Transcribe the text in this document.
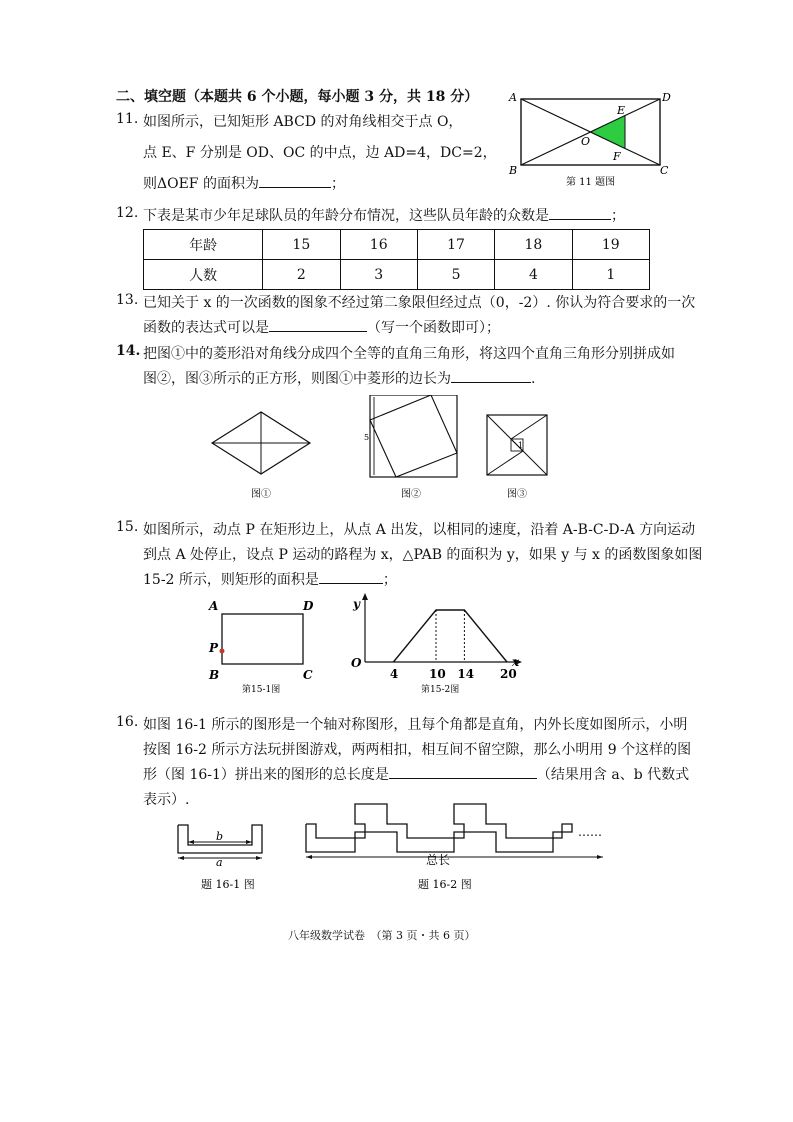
二、填空题（本题共 6 个小题，每小题 3 分，共 18 分）
11. 如图所示，已知矩形 ABCD 的对角线相交于点 O，
点 E、F 分别是 OD、OC 的中点，边 AD=4，DC=2，
则ΔOEF 的面积为	；
A	D
B	C
E
F
O
第 11 题图
12. 下表是某市少年足球队员的年龄分布情况，这些队员年龄的众数是	；
年龄	15	16	17	18	19
人数	2	3	5	4	1
13. 已知关于 x 的一次函数的图象不经过第二象限但经过点（0，-2）. 你认为符合要求的一次
函数的表达式可以是	（写一个函数即可）；
14. 把图①中的菱形沿对角线分成四个全等的直角三角形，将这四个直角三角形分别拼成如
图②，图③所示的正方形，则图①中菱形的边长为	.
图①
5
图②
1
图③
15. 如图所示，动点 P 在矩形边上，从点 A 出发，以相同的速度，沿着 A-B-C-D-A 方向运动
到点 A 处停止，设点 P 运动的路程为 x，△PAB 的面积为 y，如果 y 与 x 的函数图象如图
15-2 所示，则矩形的面积是	；
A	D
B	C
P
第15-1图
4	10 14 20
y
x
O
第15-2图
16. 如图 16-1 所示的图形是一个轴对称图形，且每个角都是直角，内外长度如图所示，小明
按图 16-2 所示方法玩拼图游戏，两两相扣，相互间不留空隙，那么小明用 9 个这样的图
形（图 16-1）拼出来的图形的总长度是	（结果用含 a、b 代数式
表示）.
b
a
题 16-1 图
总长
……
题 16-2 图
八年级数学试卷　（第 3 页・共 6 页）
